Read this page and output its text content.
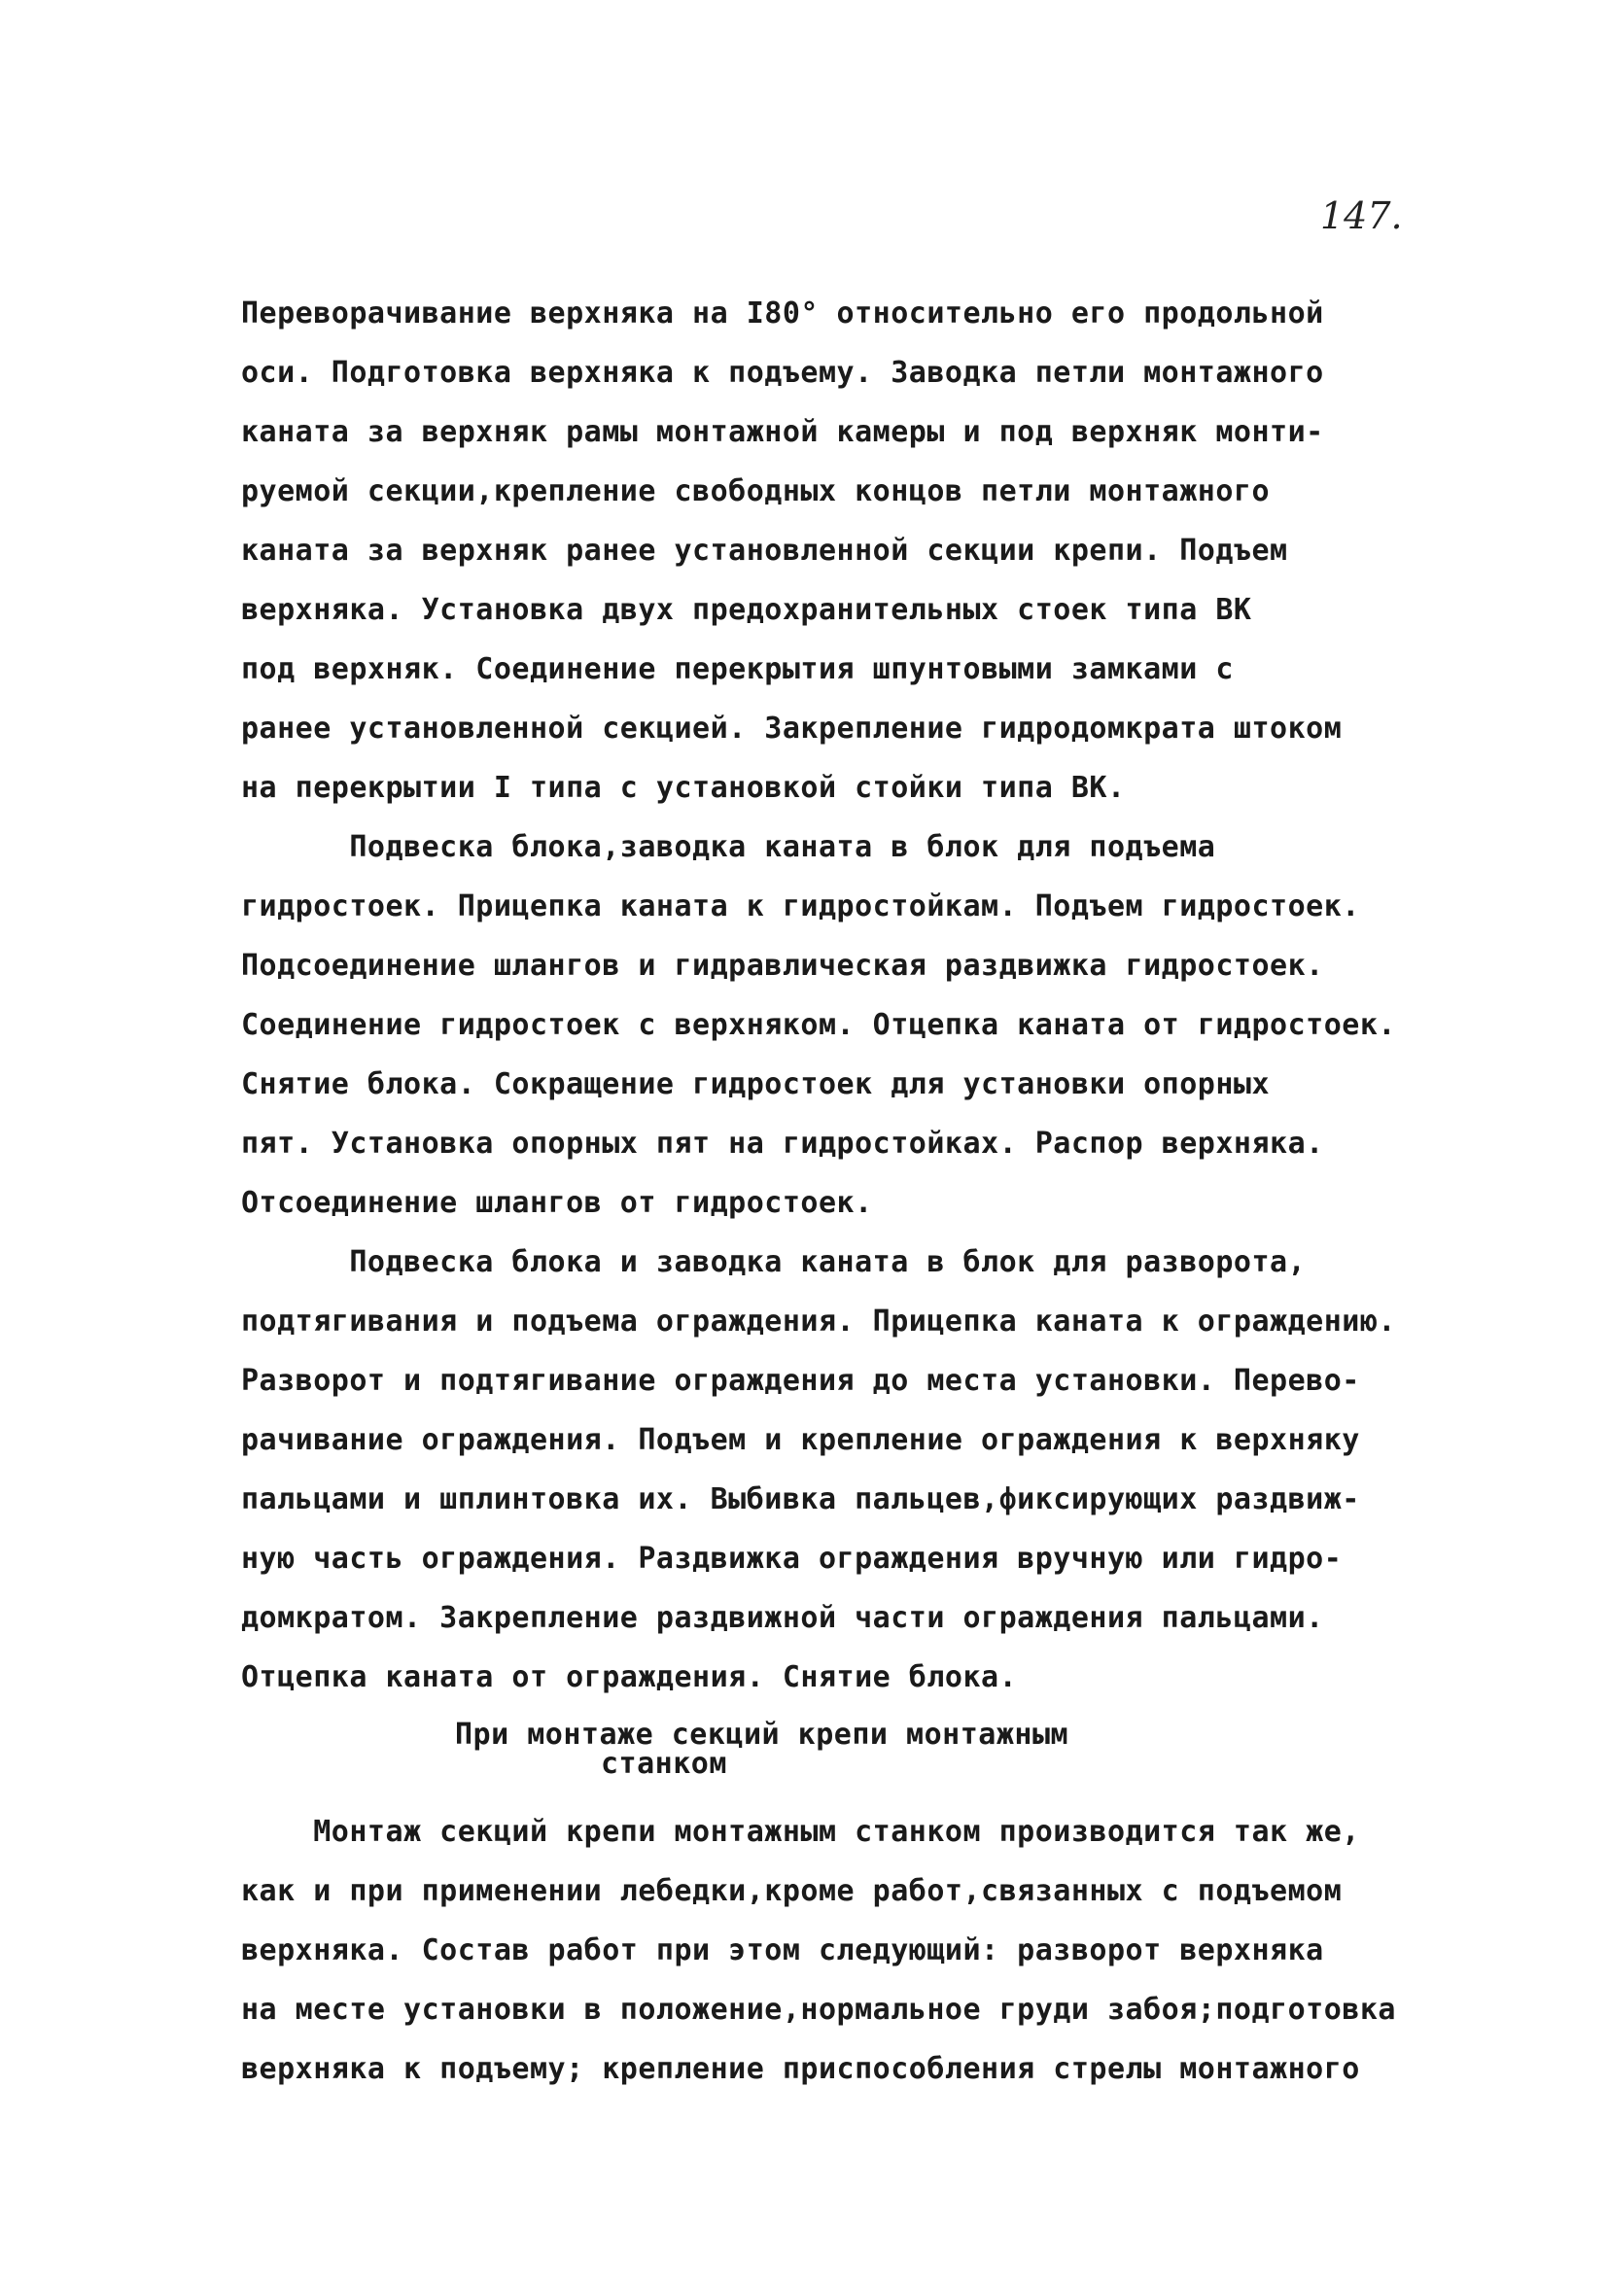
147.
Переворачивание верхняка на I80° относительно его продольной
оси. Подготовка верхняка к подъему. Заводка петли монтажного
каната за верхняк рамы монтажной камеры и под верхняк монти-
руемой секции,крепление свободных концов петли монтажного
каната за верхняк ранее установленной секции крепи. Подъем
верхняка. Установка двух предохранительных стоек типа ВК
под верхняк. Соединение перекрытия шпунтовыми замками с
ранее установленной секцией. Закрепление гидродомкрата штоком
на перекрытии I типа с установкой стойки типа ВК.
Подвеска блока,заводка каната в блок для подъема
гидростоек. Прицепка каната к гидростойкам. Подъем гидростоек.
Подсоединение шлангов и гидравлическая раздвижка гидростоек.
Соединение гидростоек с верхняком. Отцепка каната от гидростоек.
Снятие блока. Сокращение гидростоек для установки опорных
пят. Установка опорных пят на гидростойках. Распор верхняка.
Отсоединение шлангов от гидростоек.
Подвеска блока и заводка каната в блок для разворота,
подтягивания и подъема ограждения. Прицепка каната к ограждению.
Разворот и подтягивание ограждения до места установки. Перево-
рачивание ограждения. Подъем и крепление ограждения к верхняку
пальцами и шплинтовка их. Выбивка пальцев,фиксирующих раздвиж-
ную часть ограждения. Раздвижка ограждения вручную или гидро-
домкратом. Закрепление раздвижной части ограждения пальцами.
Отцепка каната от ограждения. Снятие блока.
При монтаже секций крепи монтажным
станком
Монтаж секций крепи монтажным станком производится так же,
как и при применении лебедки,кроме работ,связанных с подъемом
верхняка. Состав работ при этом следующий: разворот верхняка
на месте установки в положение,нормальное груди забоя;подготовка
верхняка к подъему; крепление приспособления стрелы монтажного
